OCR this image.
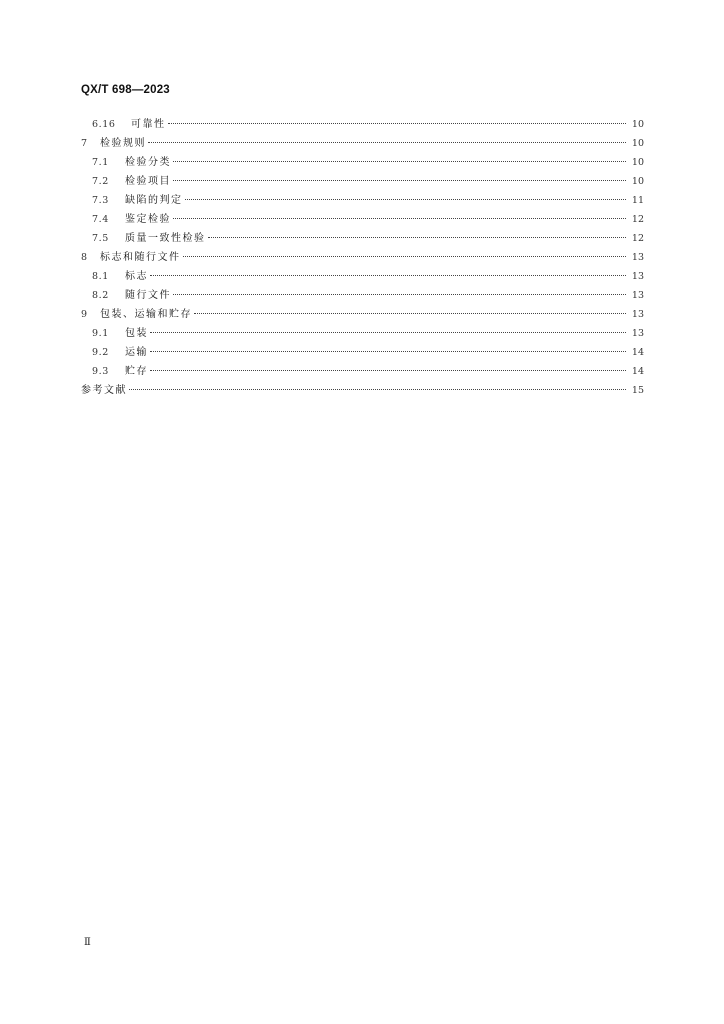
QX/T 698—2023
6.16	可靠性	10
7	检验规则	10
7.1	检验分类	10
7.2	检验项目	10
7.3	缺陷的判定	11
7.4	鉴定检验	12
7.5	质量一致性检验	12
8	标志和随行文件	13
8.1	标志	13
8.2	随行文件	13
9	包装、运输和贮存	13
9.1	包装	13
9.2	运输	14
9.3	贮存	14
参考文献	15
Ⅱ
